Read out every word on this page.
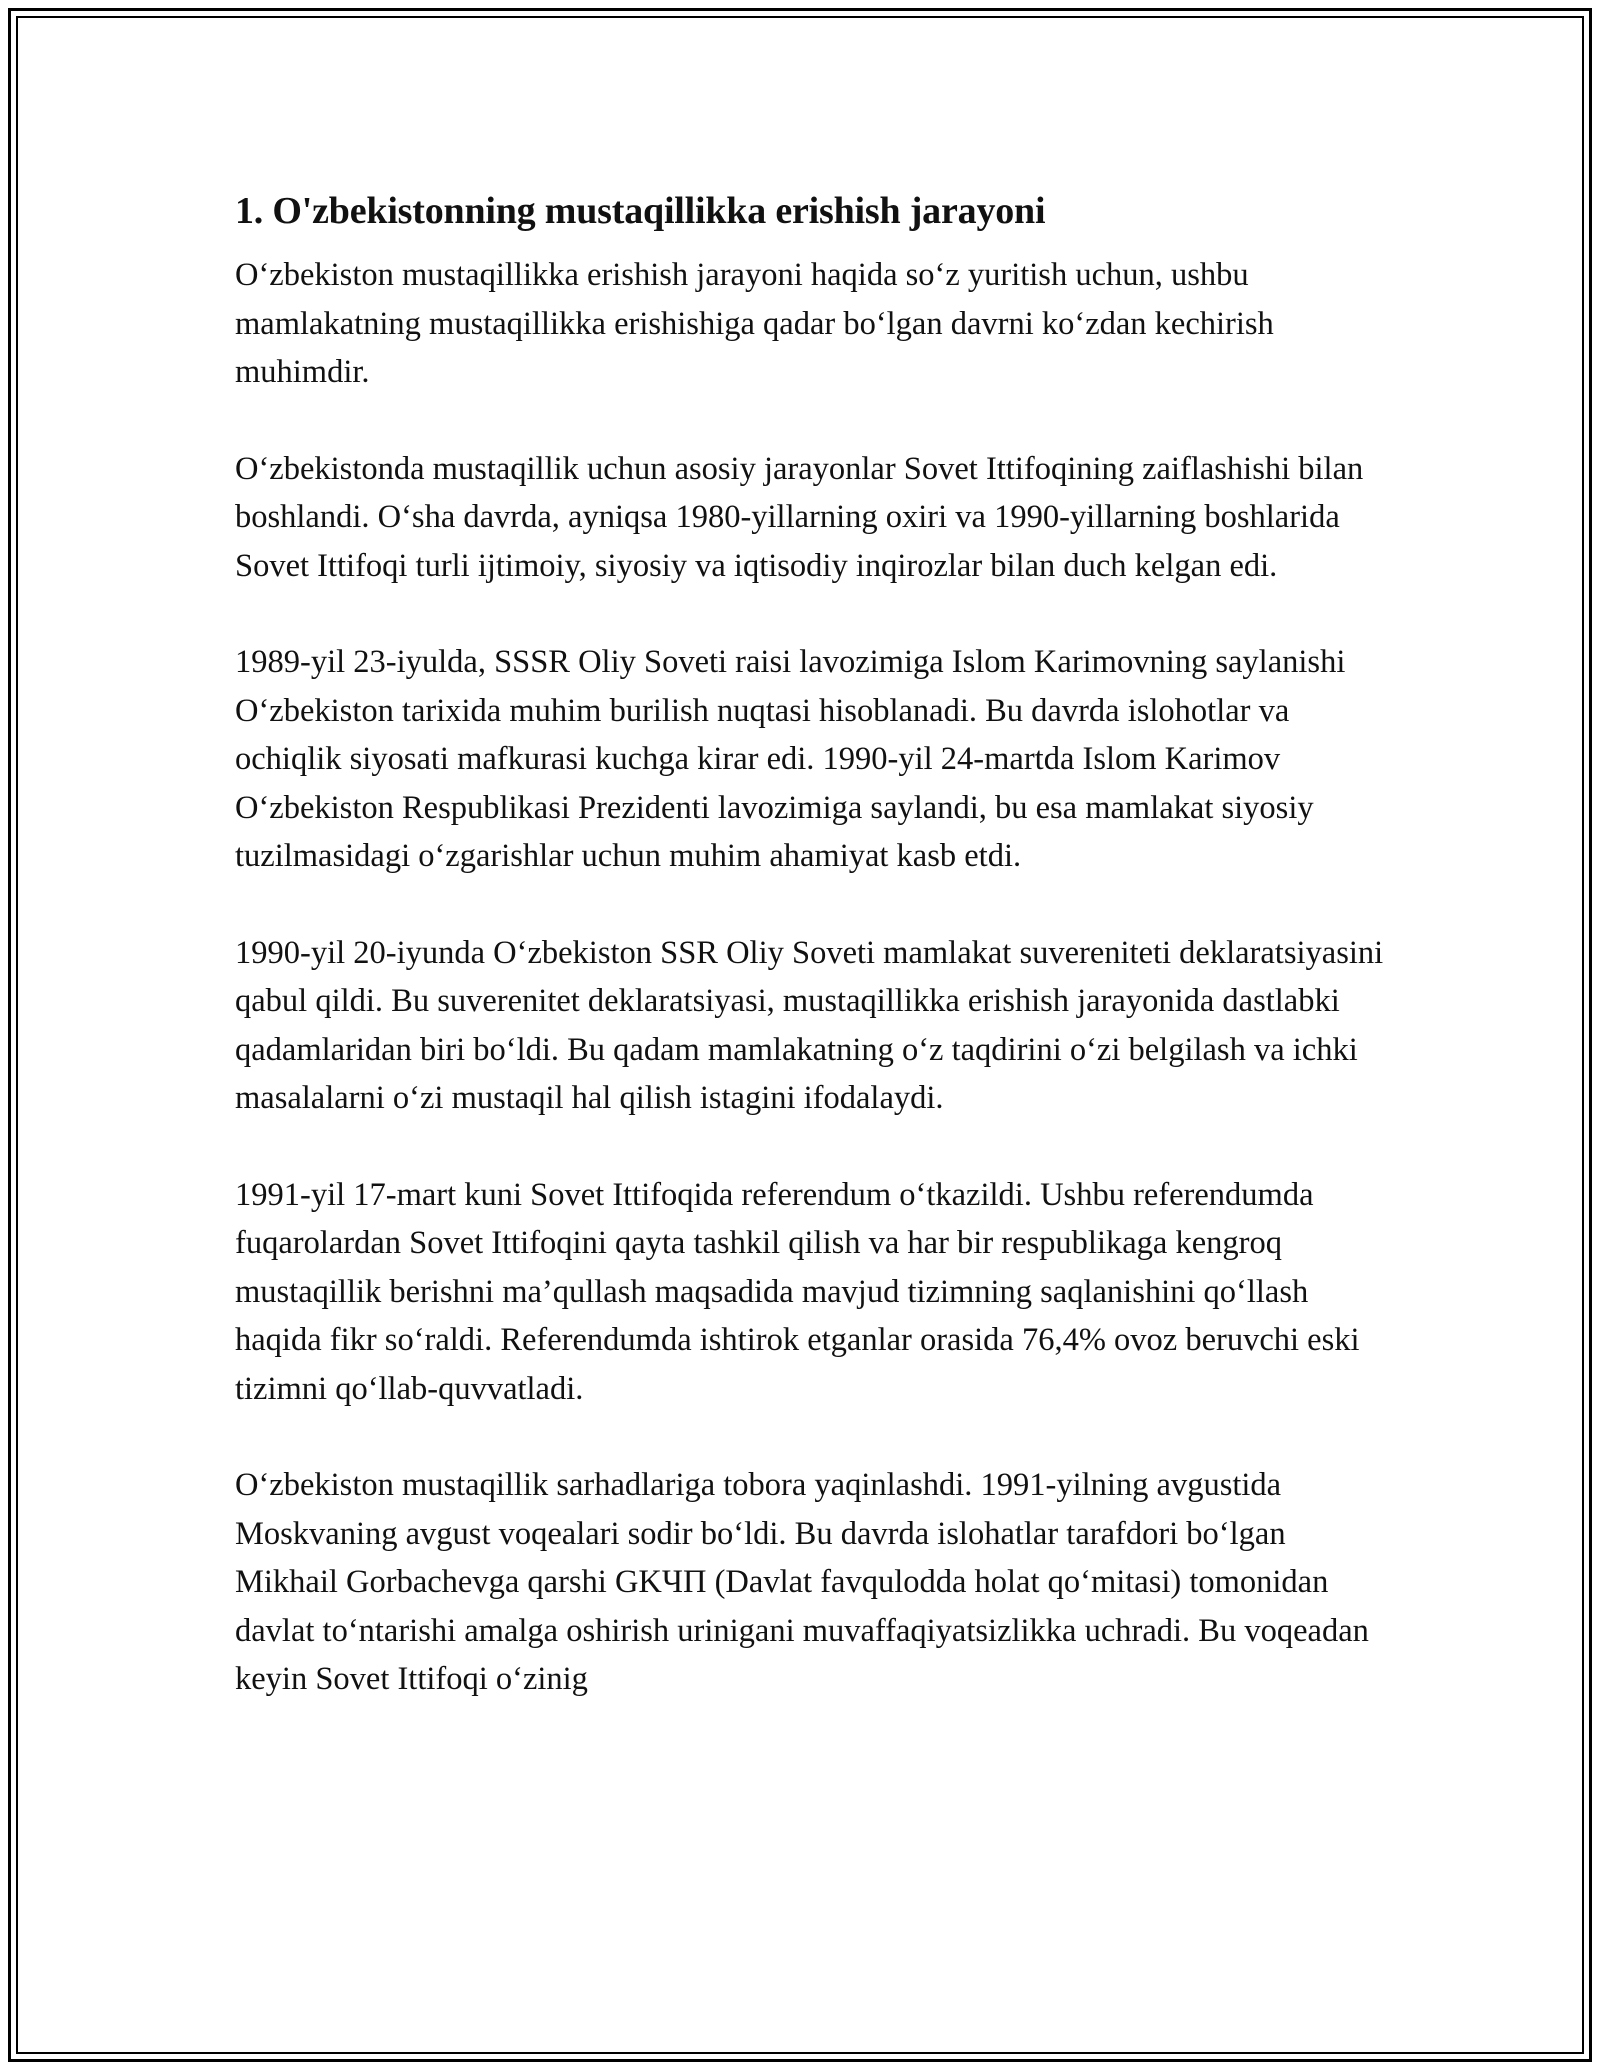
1. O'zbekistonning mustaqillikka erishish jarayoni

O‘zbekiston mustaqillikka erishish jarayoni haqida so‘z yuritish uchun, ushbu mamlakatning mustaqillikka erishishiga qadar bo‘lgan davrni ko‘zdan kechirish muhimdir.

O‘zbekistonda mustaqillik uchun asosiy jarayonlar Sovet Ittifoqining zaiflashishi bilan boshlandi. O‘sha davrda, ayniqsa 1980-yillarning oxiri va 1990-yillarning boshlarida Sovet Ittifoqi turli ijtimoiy, siyosiy va iqtisodiy inqirozlar bilan duch kelgan edi.

1989-yil 23-iyulda, SSSR Oliy Soveti raisi lavozimiga Islom Karimovning saylanishi O‘zbekiston tarixida muhim burilish nuqtasi hisoblanadi. Bu davrda islohotlar va ochiqlik siyosati mafkurasi kuchga kirar edi. 1990-yil 24-martda Islom Karimov O‘zbekiston Respublikasi Prezidenti lavozimiga saylandi, bu esa mamlakat siyosiy tuzilmasidagi o‘zgarishlar uchun muhim ahamiyat kasb etdi.

1990-yil 20-iyunda O‘zbekiston SSR Oliy Soveti mamlakat suvereniteti deklaratsiyasini qabul qildi. Bu suverenitet deklaratsiyasi, mustaqillikka erishish jarayonida dastlabki qadamlaridan biri bo‘ldi. Bu qadam mamlakatning o‘z taqdirini o‘zi belgilash va ichki masalalarni o‘zi mustaqil hal qilish istagini ifodalaydi.

1991-yil 17-mart kuni Sovet Ittifoqida referendum o‘tkazildi. Ushbu referendumda fuqarolardan Sovet Ittifoqini qayta tashkil qilish va har bir respublikaga kengroq mustaqillik berishni ma’qullash maqsadida mavjud tizimning saqlanishini qo‘llash haqida fikr so‘raldi. Referendumda ishtirok etganlar orasida 76,4% ovoz beruvchi eski tizimni qo‘llab-quvvatladi.

O‘zbekiston mustaqillik sarhadlariga tobora yaqinlashdi. 1991-yilning avgustida Moskvaning avgust voqealari sodir bo‘ldi. Bu davrda islohatlar tarafdori bo‘lgan Mikhail Gorbachevga qarshi GKЧП (Davlat favqulodda holat qo‘mitasi) tomonidan davlat to‘ntarishi amalga oshirish urinigani muvaffaqiyatsizlikka uchradi. Bu voqeadan keyin Sovet Ittifoqi o‘zinig
